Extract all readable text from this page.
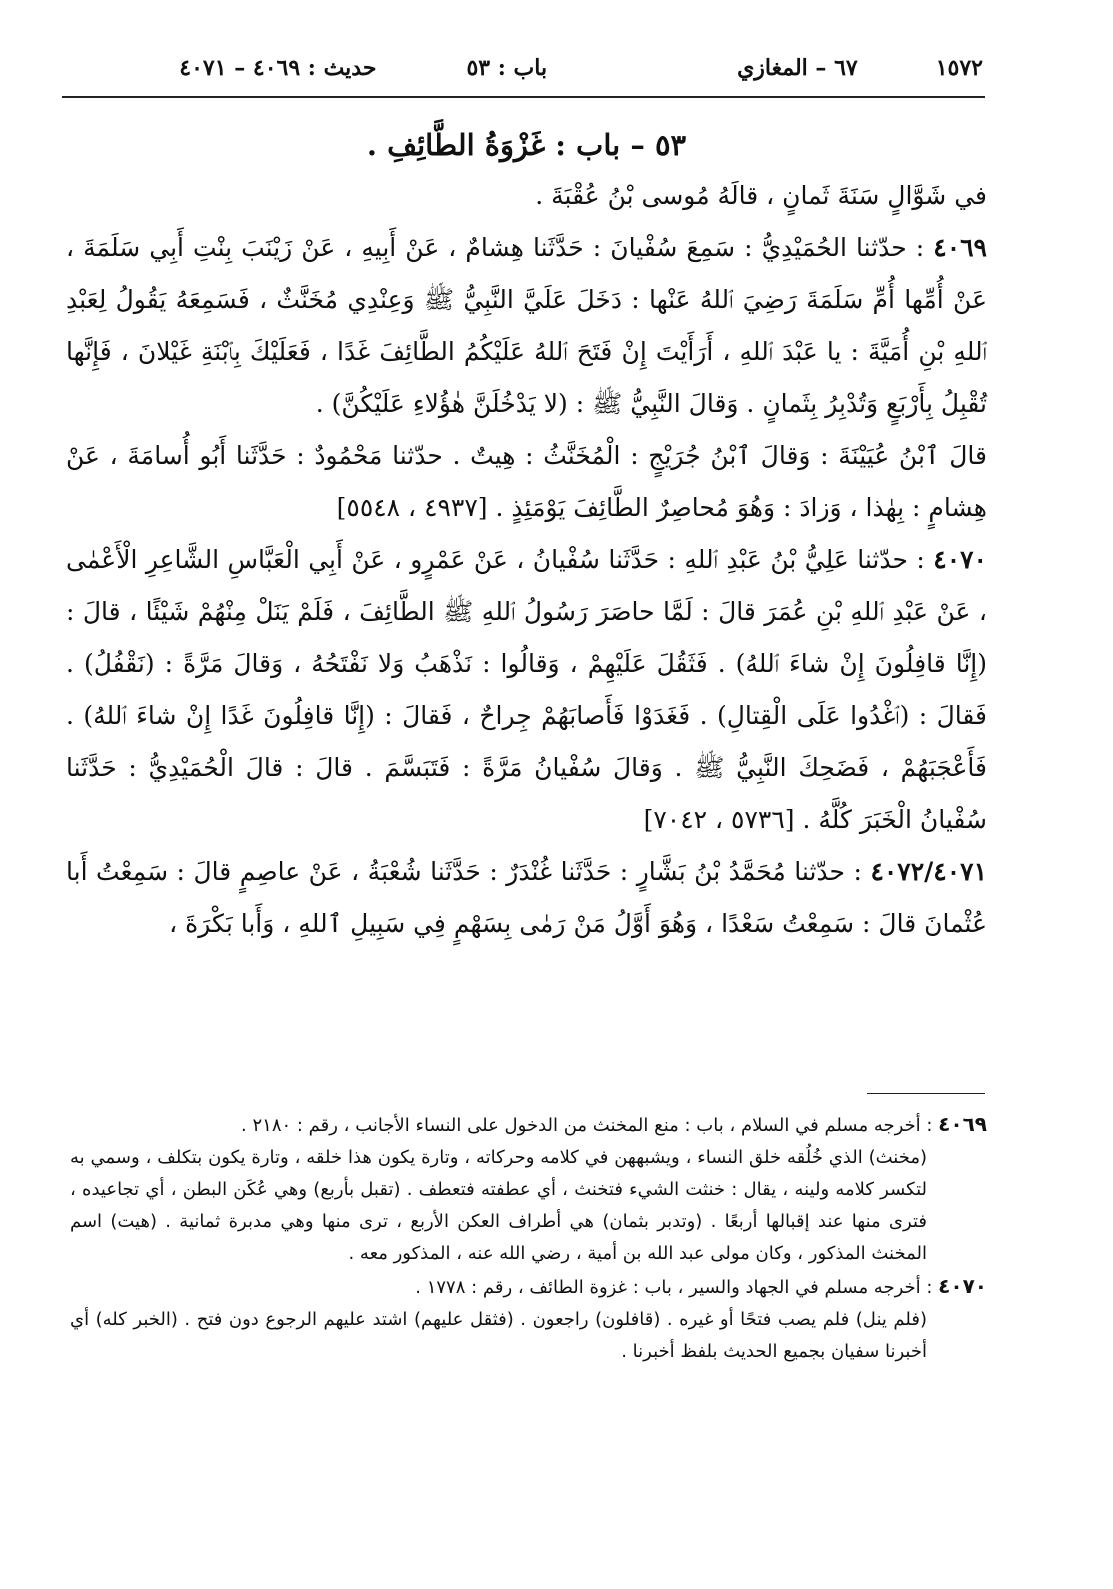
١٥٧٢
٦٧ – المغازي
باب : ٥٣
حديث : ٤٠٦٩ – ٤٠٧١

٥٣ – باب : غَزْوَةُ الطَّائِفِ .

في شَوَّالٍ سَنَةَ ثَمانٍ ، قالَهُ مُوسى بْنُ عُقْبَةَ .

٤٠٦٩ : حدّثنا الحُمَيْدِيُّ : سَمِعَ سُفْيانَ : حَدَّثَنا هِشامٌ ، عَنْ أَبِيهِ ، عَنْ زَيْنَبَ بِنْتِ أَبِي سَلَمَةَ ، عَنْ أُمِّها أُمِّ سَلَمَةَ رَضِيَ ٱللهُ عَنْها : دَخَلَ عَلَيَّ النَّبِيُّ ﷺ وَعِنْدِي مُخَنَّثٌ ، فَسَمِعَهُ يَقُولُ لِعَبْدِ ٱللهِ بْنِ أُمَيَّةَ : يا عَبْدَ ٱللهِ ، أَرَأَيْتَ إِنْ فَتَحَ ٱللهُ عَلَيْكُمُ الطَّائِفَ غَدًا ، فَعَلَيْكَ بِٱبْنَةِ غَيْلانَ ، فَإِنَّها تُقْبِلُ بِأَرْبَعٍ وَتُدْبِرُ بِثَمانٍ . وَقالَ النَّبِيُّ ﷺ : (لا يَدْخُلَنَّ هٰؤُلاءِ عَلَيْكُنَّ) .

قالَ ٱبْنُ عُيَيْنَةَ : وَقالَ ٱبْنُ جُرَيْجٍ : الْمُخَنَّثُ : هِيتٌ . حدّثنا مَحْمُودٌ : حَدَّثَنا أَبُو أُسامَةَ ، عَنْ هِشامٍ : بِهٰذا ، وَزادَ : وَهُوَ مُحاصِرٌ الطَّائِفَ يَوْمَئِذٍ . [٤٩٣٧ ، ٥٥٤٨]

٤٠٧٠ : حدّثنا عَلِيُّ بْنُ عَبْدِ ٱللهِ : حَدَّثَنا سُفْيانُ ، عَنْ عَمْرٍو ، عَنْ أَبِي الْعَبَّاسِ الشَّاعِرِ الْأَعْمٰى ، عَنْ عَبْدِ ٱللهِ بْنِ عُمَرَ قالَ : لَمَّا حاصَرَ رَسُولُ ٱللهِ ﷺ الطَّائِفَ ، فَلَمْ يَنَلْ مِنْهُمْ شَيْئًا ، قالَ : (إِنَّا قافِلُونَ إِنْ شاءَ ٱللهُ) . فَثَقُلَ عَلَيْهِمْ ، وَقالُوا : نَذْهَبُ وَلا نَفْتَحُهُ ، وَقالَ مَرَّةً : (نَقْفُلُ) . فَقالَ : (ٱغْدُوا عَلَى الْقِتالِ) . فَغَدَوْا فَأَصابَهُمْ جِراحٌ ، فَقالَ : (إِنَّا قافِلُونَ غَدًا إِنْ شاءَ ٱللهُ) . فَأَعْجَبَهُمْ ، فَضَحِكَ النَّبِيُّ ﷺ . وَقالَ سُفْيانُ مَرَّةً : فَتَبَسَّمَ . قالَ : قالَ الْحُمَيْدِيُّ : حَدَّثَنا سُفْيانُ الْخَبَرَ كُلَّهُ . [٥٧٣٦ ، ٧٠٤٢]

٤٠٧٢/٤٠٧١ : حدّثنا مُحَمَّدُ بْنُ بَشَّارٍ : حَدَّثَنا غُنْدَرٌ : حَدَّثَنا شُعْبَةُ ، عَنْ عاصِمٍ قالَ : سَمِعْتُ أَبا عُثْمانَ قالَ : سَمِعْتُ سَعْدًا ، وَهُوَ أَوَّلُ مَنْ رَمٰى بِسَهْمٍ فِي سَبِيلِ ٱللهِ ، وَأَبا بَكْرَةَ ،

٤٠٦٩ : أخرجه مسلم في السلام ، باب : منع المخنث من الدخول على النساء الأجانب ، رقم : ٢١٨٠ .

(مخنث) الذي خُلُقه خلق النساء ، ويشبههن في كلامه وحركاته ، وتارة يكون هذا خلقه ، وتارة يكون بتكلف ، وسمي به لتكسر كلامه ولينه ، يقال : خنثت الشيء فتخنث ، أي عطفته فتعطف . (تقبل بأربع) وهي عُكَن البطن ، أي تجاعيده ، فترى منها عند إقبالها أربعًا . (وتدبر بثمان) هي أطراف العكن الأربع ، ترى منها وهي مدبرة ثمانية . (هيت) اسم المخنث المذكور ، وكان مولى عبد الله بن أمية ، رضي الله عنه ، المذكور معه .

٤٠٧٠ : أخرجه مسلم في الجهاد والسير ، باب : غزوة الطائف ، رقم : ١٧٧٨ .

(فلم ينل) فلم يصب فتحًا أو غيره . (قافلون) راجعون . (فثقل عليهم) اشتد عليهم الرجوع دون فتح . (الخبر كله) أي أخبرنا سفيان بجميع الحديث بلفظ أخبرنا .
